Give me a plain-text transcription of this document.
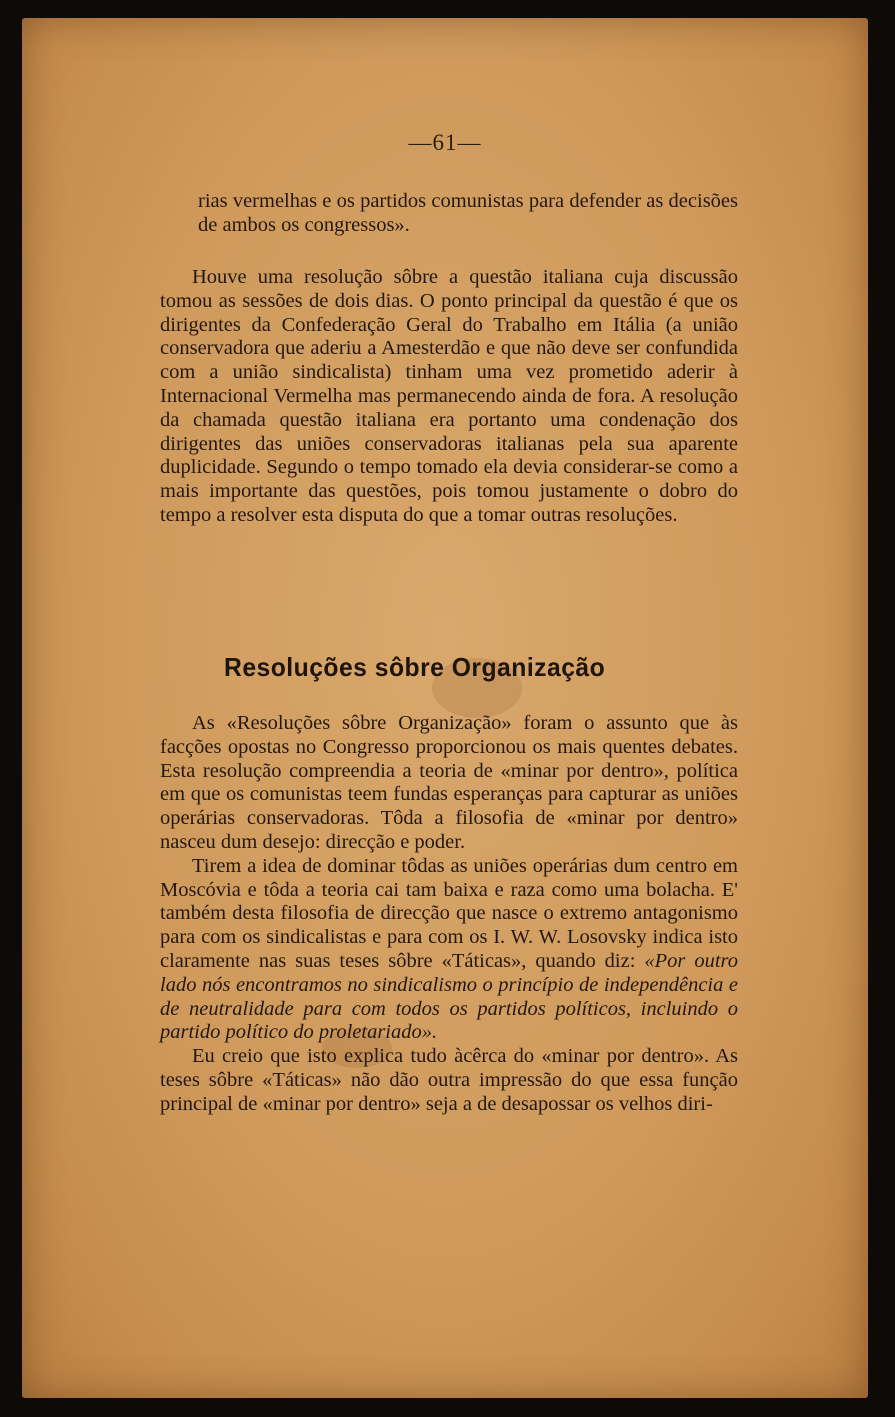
—61—

rias vermelhas e os partidos comunistas para defender as decisões de ambos os congressos».

Houve uma resolução sôbre a questão italiana cuja discussão tomou as sessões de dois dias. O ponto principal da questão é que os dirigentes da Confederação Geral do Trabalho em Itália (a união conservadora que aderiu a Amesterdão e que não deve ser confundida com a união sindicalista) tinham uma vez prometido aderir à Internacional Vermelha mas permanecendo ainda de fora. A resolução da chamada questão italiana era portanto uma condenação dos dirigentes das uniões conservadoras italianas pela sua aparente duplicidade. Segundo o tempo tomado ela devia considerar-se como a mais importante das questões, pois tomou justamente o dobro do tempo a resolver esta disputa do que a tomar outras resoluções.

Resoluções sôbre Organização

As «Resoluções sôbre Organização» foram o assunto que às facções opostas no Congresso proporcionou os mais quentes debates. Esta resolução compreendia a teoria de «minar por dentro», política em que os comunistas teem fundas esperanças para capturar as uniões operárias conservadoras. Tôda a filosofia de «minar por dentro» nasceu dum desejo: direcção e poder.

Tirem a idea de dominar tôdas as uniões operárias dum centro em Moscóvia e tôda a teoria cai tam baixa e raza como uma bolacha. E' também desta filosofia de direcção que nasce o extremo antagonismo para com os sindicalistas e para com os I. W. W. Losovsky indica isto claramente nas suas teses sôbre «Táticas», quando diz: «Por outro lado nós encontramos no sindicalismo o princípio de independência e de neutralidade para com todos os partidos políticos, incluindo o partido político do proletariado».

Eu creio que isto explica tudo àcêrca do «minar por dentro». As teses sôbre «Táticas» não dão outra impressão do que essa função principal de «minar por dentro» seja a de desapossar os velhos diri-
